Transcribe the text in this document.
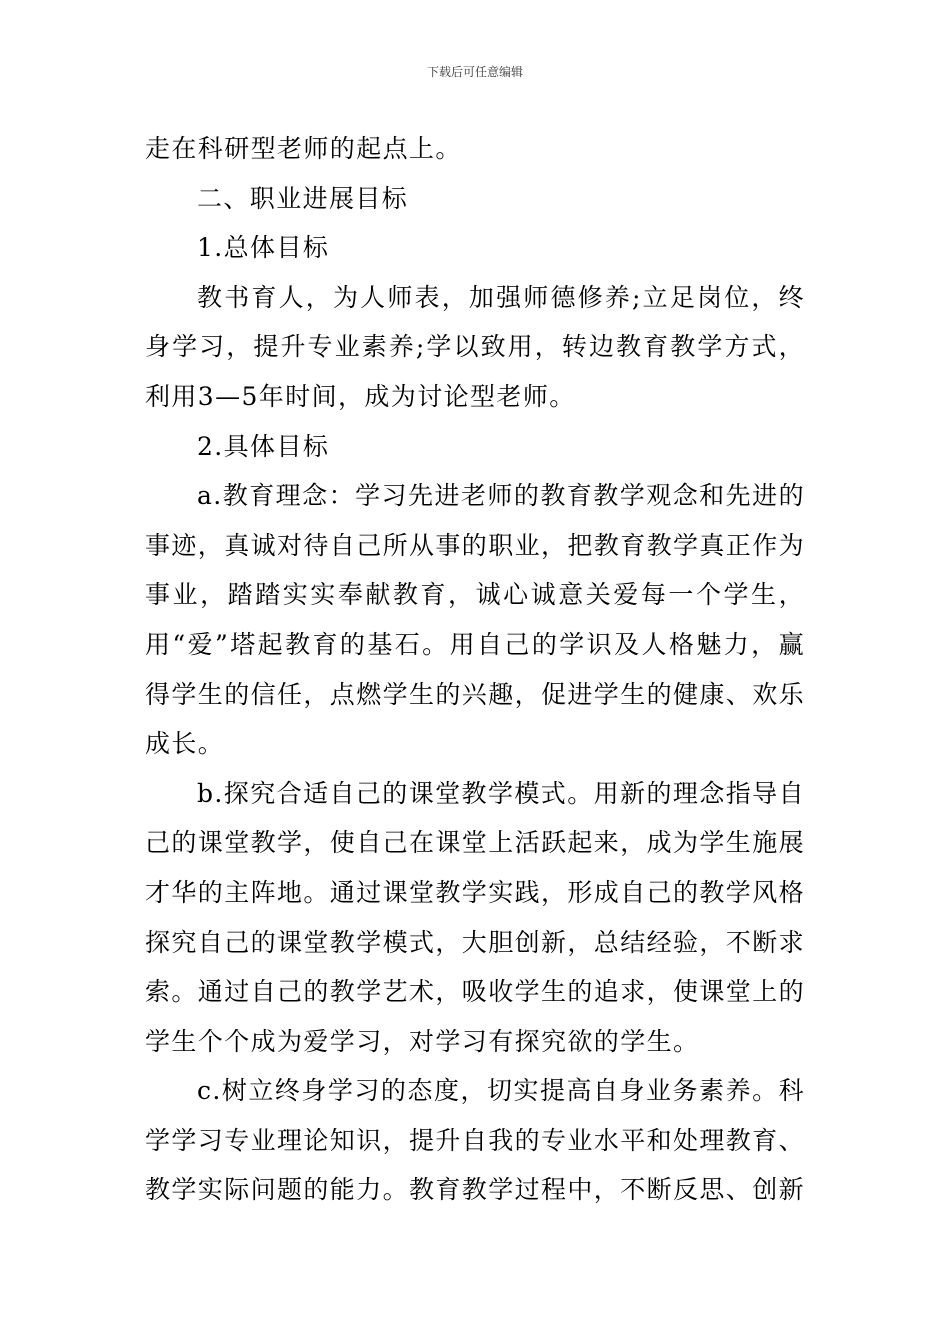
下载后可任意编辑

走在科研型老师的起点上。

二、职业进展目标

1.总体目标

教书育人，为人师表，加强师德修养;立足岗位，终身学习，提升专业素养;学以致用，转边教育教学方式，利用3—5年时间，成为讨论型老师。

2.具体目标

a.教育理念：学习先进老师的教育教学观念和先进的事迹，真诚对待自己所从事的职业，把教育教学真正作为事业，踏踏实实奉献教育，诚心诚意关爱每一个学生，用“爱”塔起教育的基石。用自己的学识及人格魅力，赢得学生的信任，点燃学生的兴趣，促进学生的健康、欢乐成长。

b.探究合适自己的课堂教学模式。用新的理念指导自己的课堂教学，使自己在课堂上活跃起来，成为学生施展才华的主阵地。通过课堂教学实践，形成自己的教学风格探究自己的课堂教学模式，大胆创新，总结经验，不断求索。通过自己的教学艺术，吸收学生的追求，使课堂上的学生个个成为爱学习，对学习有探究欲的学生。

c.树立终身学习的态度，切实提高自身业务素养。科学学习专业理论知识，提升自我的专业水平和处理教育、教学实际问题的能力。教育教学过程中，不断反思、创新
